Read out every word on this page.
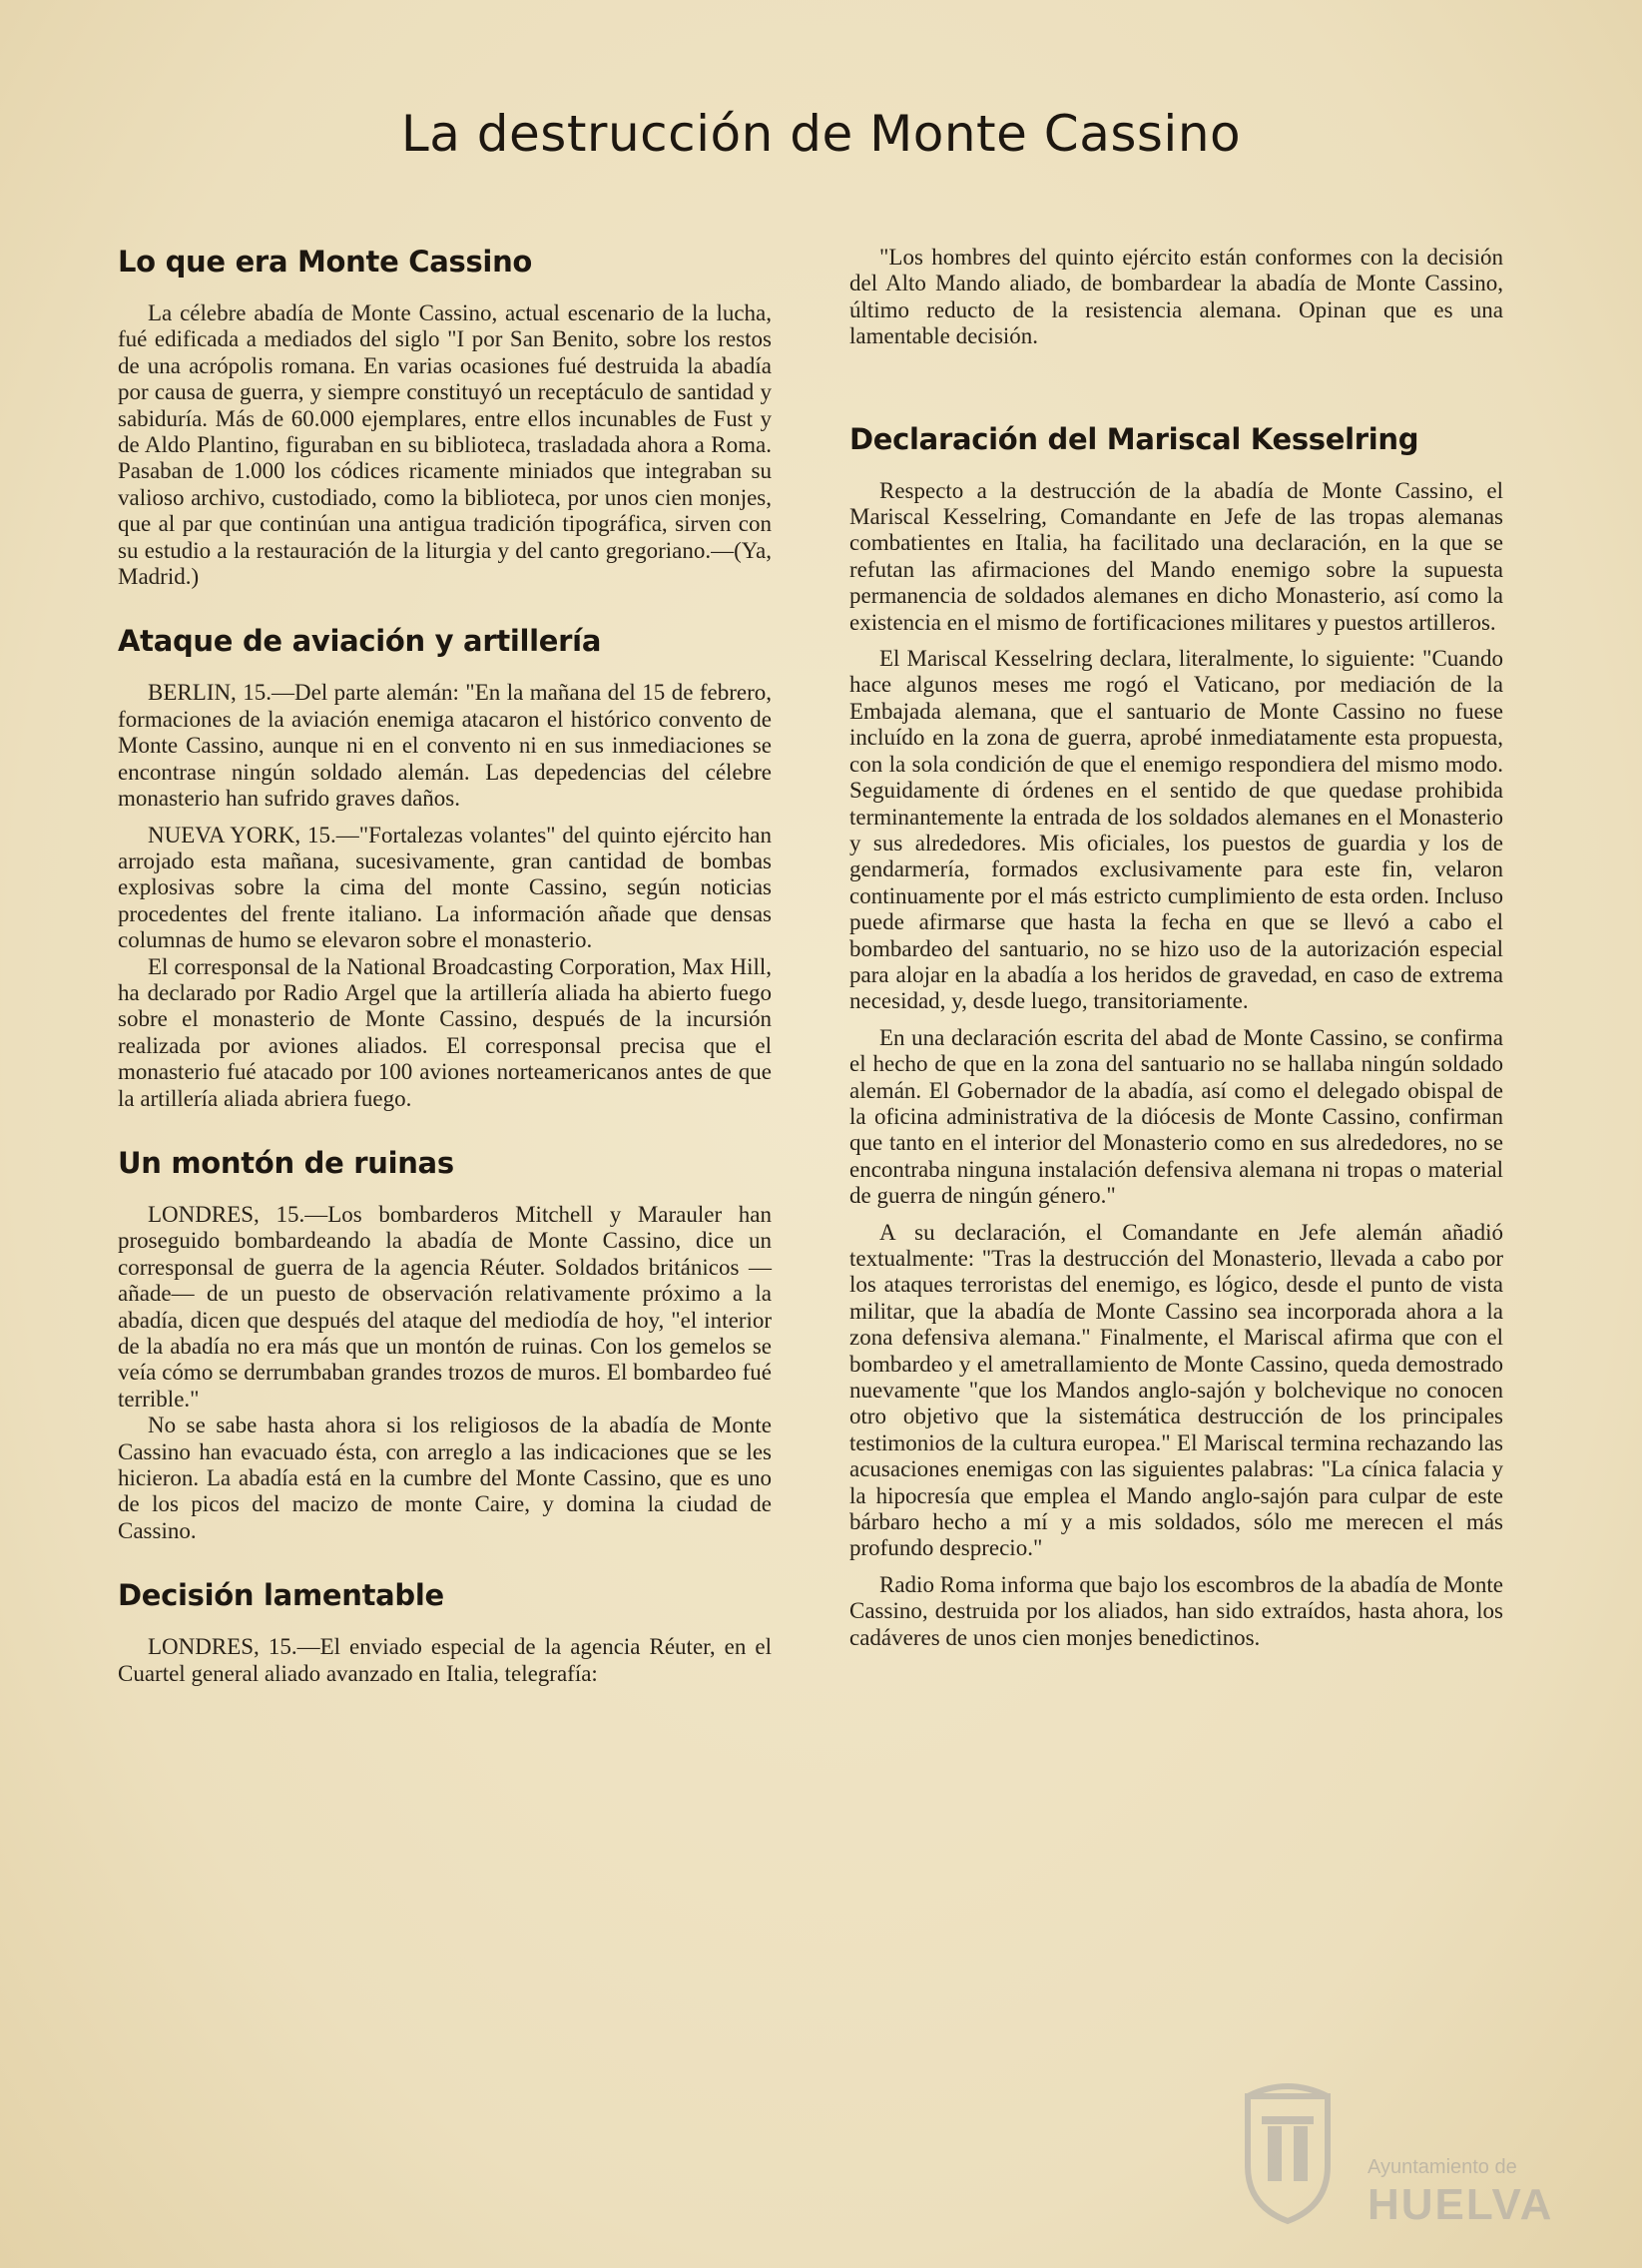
La destrucción de Monte Cassino
Lo que era Monte Cassino

La célebre abadía de Monte Cassino, actual escenario de la lucha, fué edificada a mediados del siglo "I por San Benito, sobre los restos de una acrópolis romana. En varias ocasiones fué destruida la abadía por causa de guerra, y siempre constituyó un receptáculo de santidad y sabiduría. Más de 60.000 ejemplares, entre ellos incunables de Fust y de Aldo Plantino, figuraban en su biblioteca, trasladada ahora a Roma. Pasaban de 1.000 los códices ricamente miniados que integraban su valioso archivo, custodiado, como la biblioteca, por unos cien monjes, que al par que continúan una antigua tradición tipográfica, sirven con su estudio a la restauración de la liturgia y del canto gregoriano.—(Ya, Madrid.)

Ataque de aviación y artillería

BERLIN, 15.—Del parte alemán: "En la mañana del 15 de febrero, formaciones de la aviación enemiga atacaron el histórico convento de Monte Cassino, aunque ni en el convento ni en sus inmediaciones se encontrase ningún soldado alemán. Las depedencias del célebre monasterio han sufrido graves daños.

NUEVA YORK, 15.—"Fortalezas volantes" del quinto ejército han arrojado esta mañana, sucesivamente, gran cantidad de bombas explosivas sobre la cima del monte Cassino, según noticias procedentes del frente italiano. La información añade que densas columnas de humo se elevaron sobre el monasterio.

El corresponsal de la National Broadcasting Corporation, Max Hill, ha declarado por Radio Argel que la artillería aliada ha abierto fuego sobre el monasterio de Monte Cassino, después de la incursión realizada por aviones aliados. El corresponsal precisa que el monasterio fué atacado por 100 aviones norteamericanos antes de que la artillería aliada abriera fuego.

Un montón de ruinas

LONDRES, 15.—Los bombarderos Mitchell y Marauler han proseguido bombardeando la abadía de Monte Cassino, dice un corresponsal de guerra de la agencia Réuter. Soldados británicos —añade— de un puesto de observación relativamente próximo a la abadía, dicen que después del ataque del mediodía de hoy, "el interior de la abadía no era más que un montón de ruinas. Con los gemelos se veía cómo se derrumbaban grandes trozos de muros. El bombardeo fué terrible."

No se sabe hasta ahora si los religiosos de la abadía de Monte Cassino han evacuado ésta, con arreglo a las indicaciones que se les hicieron. La abadía está en la cumbre del Monte Cassino, que es uno de los picos del macizo de monte Caire, y domina la ciudad de Cassino.

Decisión lamentable

LONDRES, 15.—El enviado especial de la agencia Réuter, en el Cuartel general aliado avanzado en Italia, telegrafía:

"Los hombres del quinto ejército están conformes con la decisión del Alto Mando aliado, de bombardear la abadía de Monte Cassino, último reducto de la resistencia alemana. Opinan que es una lamentable decisión.

Declaración del Mariscal Kesselring

Respecto a la destrucción de la abadía de Monte Cassino, el Mariscal Kesselring, Comandante en Jefe de las tropas alemanas combatientes en Italia, ha facilitado una declaración, en la que se refutan las afirmaciones del Mando enemigo sobre la supuesta permanencia de soldados alemanes en dicho Monasterio, así como la existencia en el mismo de fortificaciones militares y puestos artilleros.

El Mariscal Kesselring declara, literalmente, lo siguiente: "Cuando hace algunos meses me rogó el Vaticano, por mediación de la Embajada alemana, que el santuario de Monte Cassino no fuese incluído en la zona de guerra, aprobé inmediatamente esta propuesta, con la sola condición de que el enemigo respondiera del mismo modo. Seguidamente di órdenes en el sentido de que quedase prohibida terminantemente la entrada de los soldados alemanes en el Monasterio y sus alrededores. Mis oficiales, los puestos de guardia y los de gendarmería, formados exclusivamente para este fin, velaron continuamente por el más estricto cumplimiento de esta orden. Incluso puede afirmarse que hasta la fecha en que se llevó a cabo el bombardeo del santuario, no se hizo uso de la autorización especial para alojar en la abadía a los heridos de gravedad, en caso de extrema necesidad, y, desde luego, transitoriamente.

En una declaración escrita del abad de Monte Cassino, se confirma el hecho de que en la zona del santuario no se hallaba ningún soldado alemán. El Gobernador de la abadía, así como el delegado obispal de la oficina administrativa de la diócesis de Monte Cassino, confirman que tanto en el interior del Monasterio como en sus alrededores, no se encontraba ninguna instalación defensiva alemana ni tropas o material de guerra de ningún género."

A su declaración, el Comandante en Jefe alemán añadió textualmente: "Tras la destrucción del Monasterio, llevada a cabo por los ataques terroristas del enemigo, es lógico, desde el punto de vista militar, que la abadía de Monte Cassino sea incorporada ahora a la zona defensiva alemana." Finalmente, el Mariscal afirma que con el bombardeo y el ametrallamiento de Monte Cassino, queda demostrado nuevamente "que los Mandos anglo-sajón y bolchevique no conocen otro objetivo que la sistemática destrucción de los principales testimonios de la cultura europea." El Mariscal termina rechazando las acusaciones enemigas con las siguientes palabras: "La cínica falacia y la hipocresía que emplea el Mando anglo-sajón para culpar de este bárbaro hecho a mí y a mis soldados, sólo me merecen el más profundo desprecio."

Radio Roma informa que bajo los escombros de la abadía de Monte Cassino, destruida por los aliados, han sido extraídos, hasta ahora, los cadáveres de unos cien monjes benedictinos.

Ayuntamiento de
HUELVA
